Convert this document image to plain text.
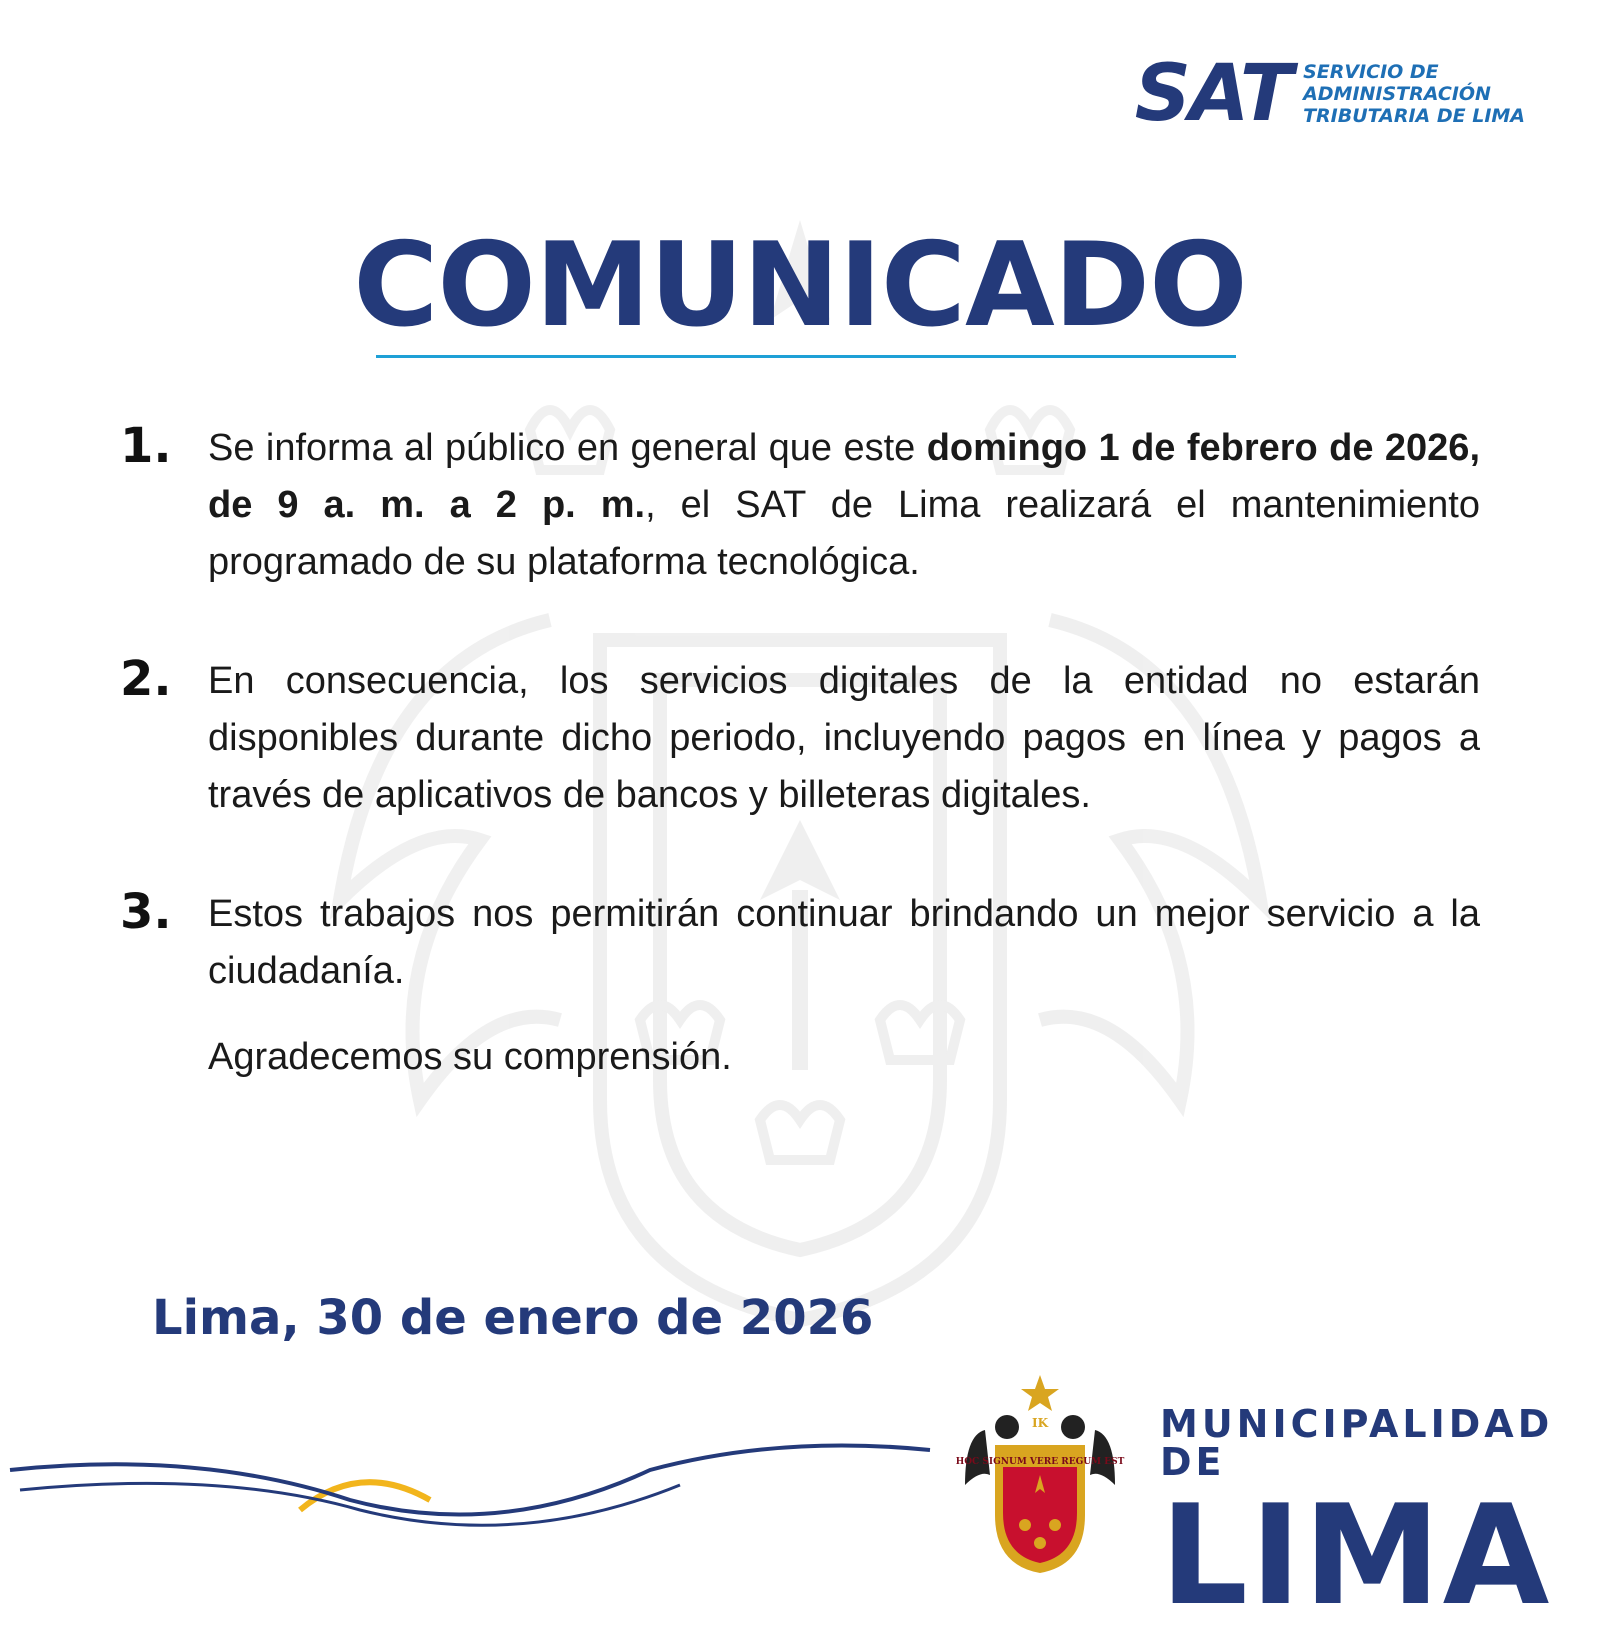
SAT SERVICIO DE
ADMINISTRACIÓN
TRIBUTARIA DE LIMA
COMUNICADO
1. Se informa al público en general que este domingo 1 de febrero de 2026, de 9 a. m. a 2 p. m., el SAT de Lima realizará el mantenimiento programado de su plataforma tecnológica.
2. En consecuencia, los servicios digitales de la entidad no estarán disponibles durante dicho periodo, incluyendo pagos en línea y pagos a través de aplicativos de bancos y billeteras digitales.
3. Estos trabajos nos permitirán continuar brindando un mejor servicio a la ciudadanía.
Agradecemos su comprensión.
Lima, 30 de enero de 2026
HOC SIGNUM VERE REGUM EST
IK	MUNICIPALIDAD DE
LIMA
